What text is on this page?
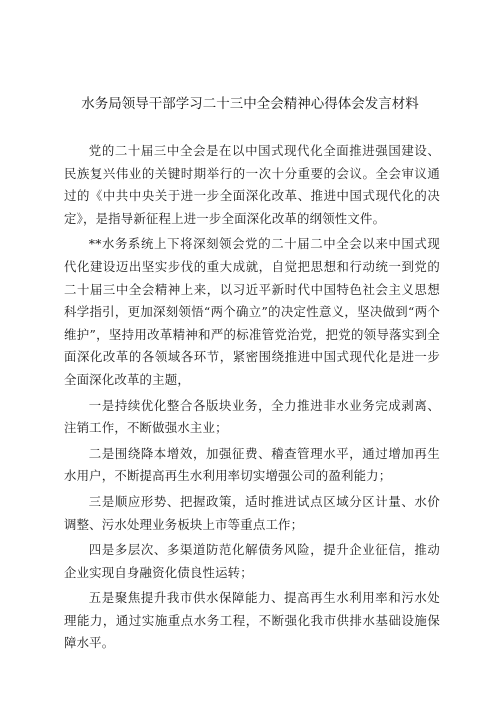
水务局领导干部学习二十三中全会精神心得体会发言材料

党的二十届三中全会是在以中国式现代化全面推进强国建设、民族复兴伟业的关键时期举行的一次十分重要的会议。全会审议通过的《中共中央关于进一步全面深化改革、推进中国式现代化的决定》，是指导新征程上进一步全面深化改革的纲领性文件。

**水务系统上下将深刻领会党的二十届二中全会以来中国式现代化建设迈出坚实步伐的重大成就，自觉把思想和行动统一到党的二十届三中全会精神上来，以习近平新时代中国特色社会主义思想科学指引，更加深刻领悟“两个确立”的决定性意义，坚决做到“两个维护”，坚持用改革精神和严的标准管党治党，把党的领导落实到全面深化改革的各领域各环节，紧密围绕推进中国式现代化是进一步全面深化改革的主题，

一是持续优化整合各版块业务，全力推进非水业务完成剥离、注销工作，不断做强水主业；

二是围绕降本增效，加强征费、稽查管理水平，通过增加再生水用户，不断提高再生水利用率切实增强公司的盈利能力；

三是顺应形势、把握政策，适时推进试点区域分区计量、水价调整、污水处理业务板块上市等重点工作；

四是多层次、多渠道防范化解债务风险，提升企业征信，推动企业实现自身融资化债良性运转；

五是聚焦提升我市供水保障能力、提高再生水利用率和污水处理能力，通过实施重点水务工程，不断强化我市供排水基础设施保障水平。
